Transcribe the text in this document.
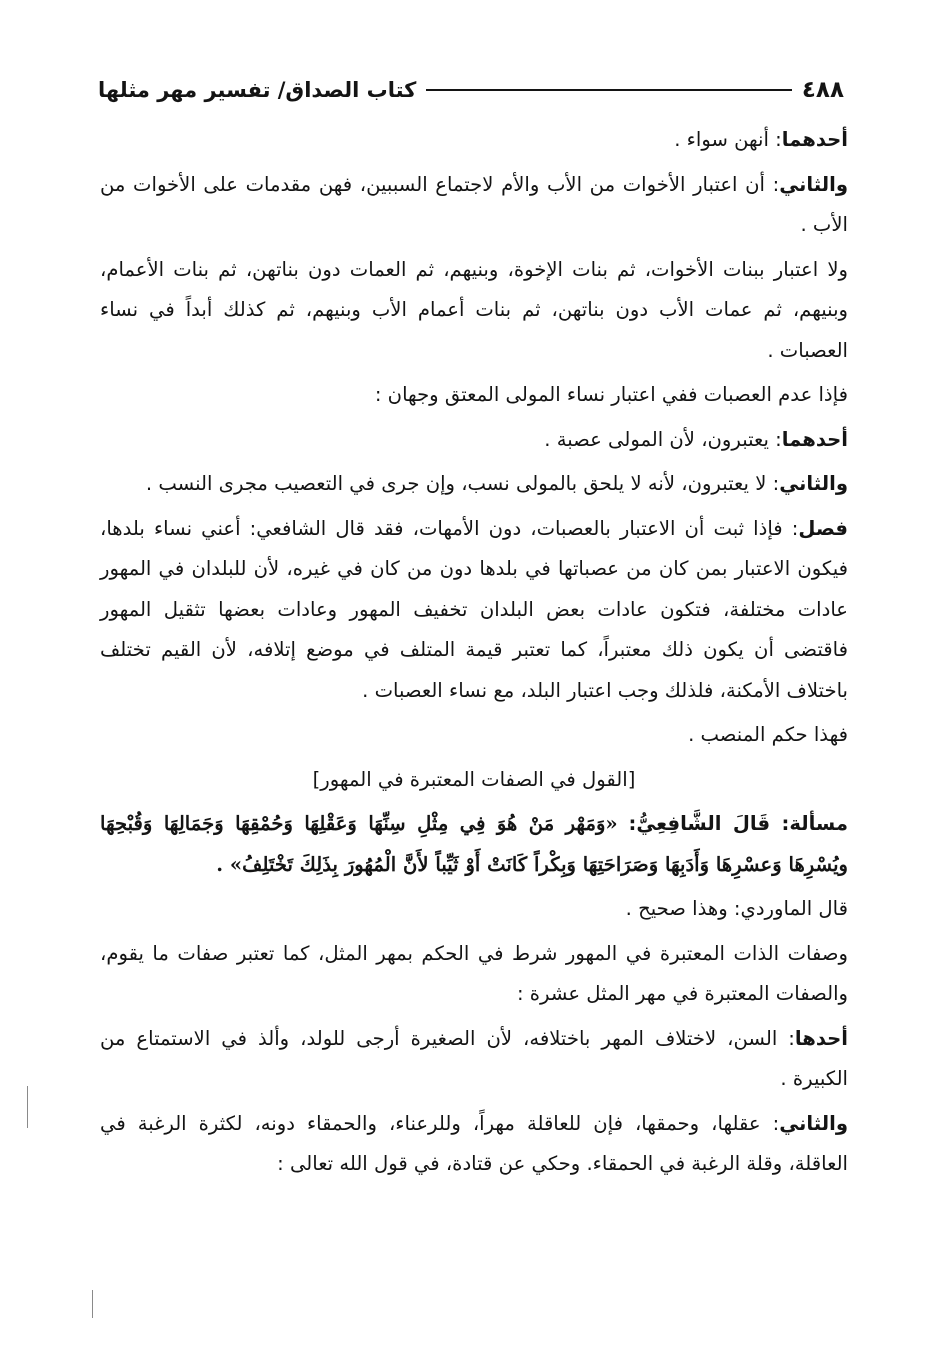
٤٨٨
كتاب الصداق/ تفسير مهر مثلها

أحدهما: أنهن سواء .

والثاني: أن اعتبار الأخوات من الأب والأم لاجتماع السببين، فهن مقدمات على الأخوات من الأب .

ولا اعتبار ببنات الأخوات، ثم بنات الإخوة، وبنيهم، ثم العمات دون بناتهن، ثم بنات الأعمام، وبنيهم، ثم عمات الأب دون بناتهن، ثم بنات أعمام الأب وبنيهم، ثم كذلك أبداً في نساء العصبات .

فإذا عدم العصبات ففي اعتبار نساء المولى المعتق وجهان :

أحدهما: يعتبرون، لأن المولى عصبة .

والثاني: لا يعتبرون، لأنه لا يلحق بالمولى نسب، وإن جرى في التعصيب مجرى النسب .

فصل: فإذا ثبت أن الاعتبار بالعصبات، دون الأمهات، فقد قال الشافعي: أعني نساء بلدها، فيكون الاعتبار بمن كان من عصباتها في بلدها دون من كان في غيره، لأن للبلدان في المهور عادات مختلفة، فتكون عادات بعض البلدان تخفيف المهور وعادات بعضها تثقيل المهور فاقتضى أن يكون ذلك معتبراً، كما تعتبر قيمة المتلف في موضع إتلافه، لأن القيم تختلف باختلاف الأمكنة، فلذلك وجب اعتبار البلد، مع نساء العصبات .

فهذا حكم المنصب .

[القول في الصفات المعتبرة في المهور]

مسألة: قَالَ الشَّافِعِيُّ: «وَمَهْر مَنْ هُوَ فِي مِثْلِ سِنِّهَا وَعَقْلِهَا وَحُمْقِهَا وَجَمَالِهَا وَقُبْحِهَا ويُسْرِهَا وَعسْرِهَا وَأَدَبِهَا وَصَرَاحَتِهَا وَبِكْراً كَانَتْ أَوْ ثَيِّباً لأَنَّ الْمُهُورَ بِذَلِكَ تَخْتَلِفُ» .

قال الماوردي: وهذا صحيح .

وصفات الذات المعتبرة في المهور شرط في الحكم بمهر المثل، كما تعتبر صفات ما يقوم، والصفات المعتبرة في مهر المثل عشرة :

أحدها: السن، لاختلاف المهر باختلافه، لأن الصغيرة أرجى للولد، وألذ في الاستمتاع من الكبيرة .

والثاني: عقلها، وحمقها، فإن للعاقلة مهراً، وللرعناء، والحمقاء دونه، لكثرة الرغبة في العاقلة، وقلة الرغبة في الحمقاء. وحكي عن قتادة، في قول الله تعالى :
